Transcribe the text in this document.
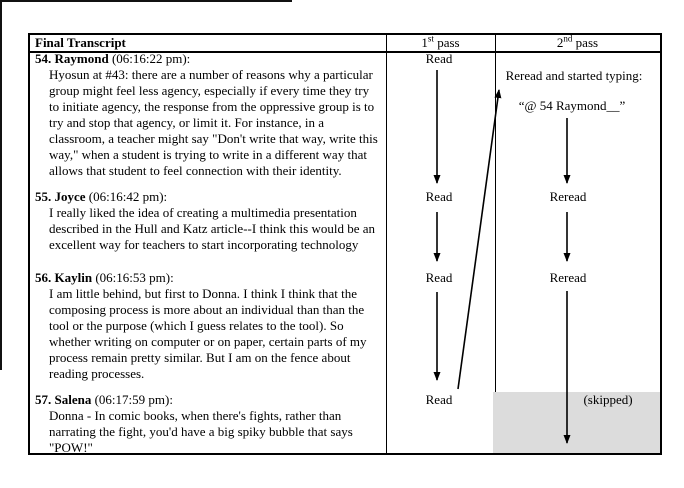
Final Transcript	1st pass	2nd pass
54. Raymond (06:16:22 pm):
Hyosun at #43: there are a number of reasons why a particular group might feel less agency, especially if every time they try to initiate agency, the response from the oppressive group is to try and stop that agency, or limit it. For instance, in a classroom, a teacher might say "Don't write that way, write this way," when a student is trying to write in a different way that allows that student to feel connection with their identity.
55. Joyce (06:16:42 pm):
I really liked the idea of creating a multimedia presentation described in the Hull and Katz article--I think this would be an excellent way for teachers to start incorporating technology
56. Kaylin (06:16:53 pm):
I am little behind, but first to Donna. I think I think that the composing process is more about an individual than than the tool or the purpose (which I guess relates to the tool). So whether writing on computer or on paper, certain parts of my process remain pretty similar. But I am on the fence about reading processes.
57. Salena (06:17:59 pm):
Donna - In comic books, when there's fights, rather than narrating the fight, you'd have a big spiky bubble that says "POW!"
Read
Read
Read
Read
Reread and started typing:
“@ 54 Raymond__”
Reread
Reread
(skipped)
